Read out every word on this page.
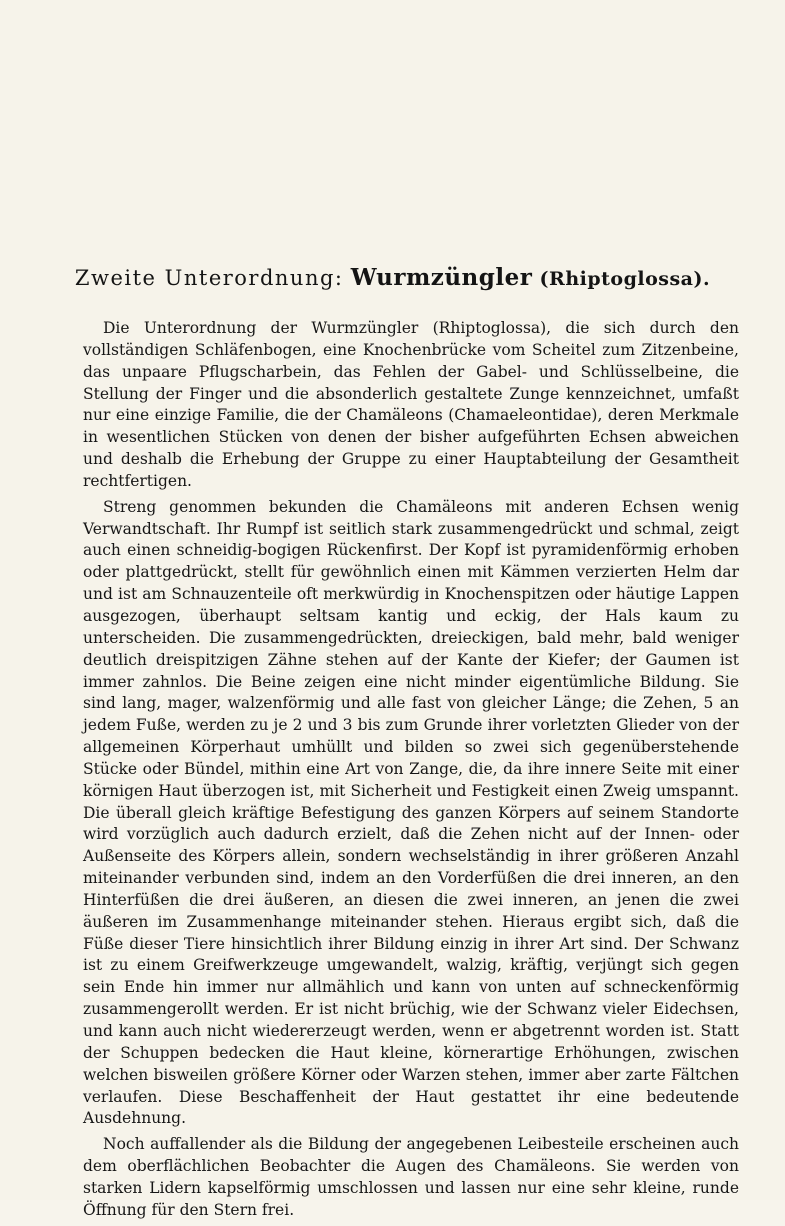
Zweite Unterordnung: Wurmzüngler (Rhiptoglossa).

Die Unterordnung der Wurmzüngler (Rhiptoglossa), die sich durch den vollständigen Schläfenbogen, eine Knochenbrücke vom Scheitel zum Zitzenbeine, das unpaare Pflugscharbein, das Fehlen der Gabel- und Schlüsselbeine, die Stellung der Finger und die absonderlich gestaltete Zunge kennzeichnet, umfaßt nur eine einzige Familie, die der Chamäleons (Chamaeleontidae), deren Merkmale in wesentlichen Stücken von denen der bisher aufgeführten Echsen abweichen und deshalb die Erhebung der Gruppe zu einer Hauptabteilung der Gesamtheit rechtfertigen.

Streng genommen bekunden die Chamäleons mit anderen Echsen wenig Verwandtschaft. Ihr Rumpf ist seitlich stark zusammengedrückt und schmal, zeigt auch einen schneidig-bogigen Rückenfirst. Der Kopf ist pyramidenförmig erhoben oder plattgedrückt, stellt für gewöhnlich einen mit Kämmen verzierten Helm dar und ist am Schnauzenteile oft merkwürdig in Knochenspitzen oder häutige Lappen ausgezogen, überhaupt seltsam kantig und eckig, der Hals kaum zu unterscheiden. Die zusammengedrückten, dreieckigen, bald mehr, bald weniger deutlich dreispitzigen Zähne stehen auf der Kante der Kiefer; der Gaumen ist immer zahnlos. Die Beine zeigen eine nicht minder eigentümliche Bildung. Sie sind lang, mager, walzenförmig und alle fast von gleicher Länge; die Zehen, 5 an jedem Fuße, werden zu je 2 und 3 bis zum Grunde ihrer vorletzten Glieder von der allgemeinen Körperhaut umhüllt und bilden so zwei sich gegenüberstehende Stücke oder Bündel, mithin eine Art von Zange, die, da ihre innere Seite mit einer körnigen Haut überzogen ist, mit Sicherheit und Festigkeit einen Zweig umspannt. Die überall gleich kräftige Befestigung des ganzen Körpers auf seinem Standorte wird vorzüglich auch dadurch erzielt, daß die Zehen nicht auf der Innen- oder Außenseite des Körpers allein, sondern wechselständig in ihrer größeren Anzahl miteinander verbunden sind, indem an den Vorderfüßen die drei inneren, an den Hinterfüßen die drei äußeren, an diesen die zwei inneren, an jenen die zwei äußeren im Zusammenhange miteinander stehen. Hieraus ergibt sich, daß die Füße dieser Tiere hinsichtlich ihrer Bildung einzig in ihrer Art sind. Der Schwanz ist zu einem Greifwerkzeuge umgewandelt, walzig, kräftig, verjüngt sich gegen sein Ende hin immer nur allmählich und kann von unten auf schneckenförmig zusammengerollt werden. Er ist nicht brüchig, wie der Schwanz vieler Eidechsen, und kann auch nicht wiedererzeugt werden, wenn er abgetrennt worden ist. Statt der Schuppen bedecken die Haut kleine, körnerartige Erhöhungen, zwischen welchen bisweilen größere Körner oder Warzen stehen, immer aber zarte Fältchen verlaufen. Diese Beschaffenheit der Haut gestattet ihr eine bedeutende Ausdehnung.

Noch auffallender als die Bildung der angegebenen Leibesteile erscheinen auch dem oberflächlichen Beobachter die Augen des Chamäleons. Sie werden von starken Lidern kapselförmig umschlossen und lassen nur eine sehr kleine, runde Öffnung für den Stern frei.
